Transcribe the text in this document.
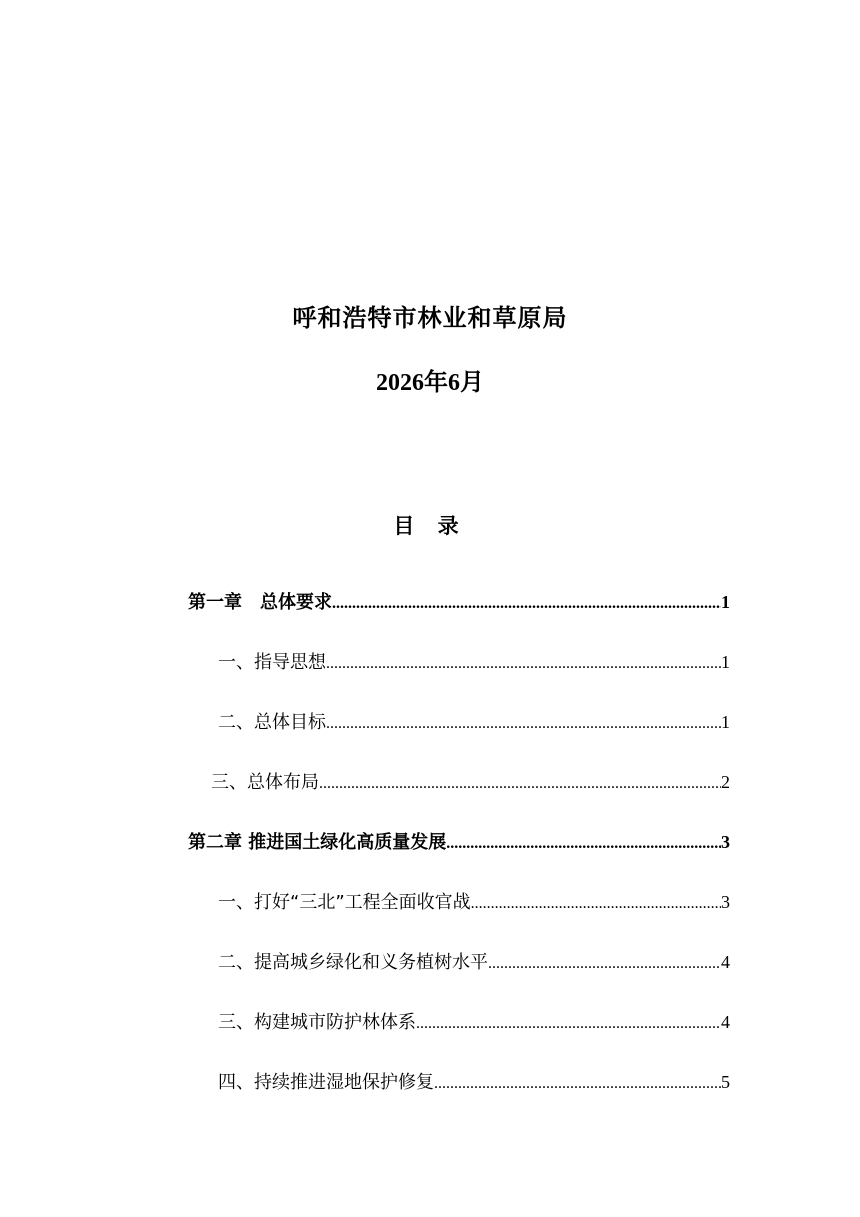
呼和浩特市林业和草原局
2026年6月
目 录
第一章　总体要求 .....	1
一、指导思想 .....	1
二、总体目标 .....	1
三、总体布局 .....	2
第二章 推进国土绿化高质量发展 .....	3
一、打好“三北”工程全面收官战 .....	3
二、提高城乡绿化和义务植树水平 .....	4
三、构建城市防护林体系 .....	4
四、持续推进湿地保护修复 .....	5
